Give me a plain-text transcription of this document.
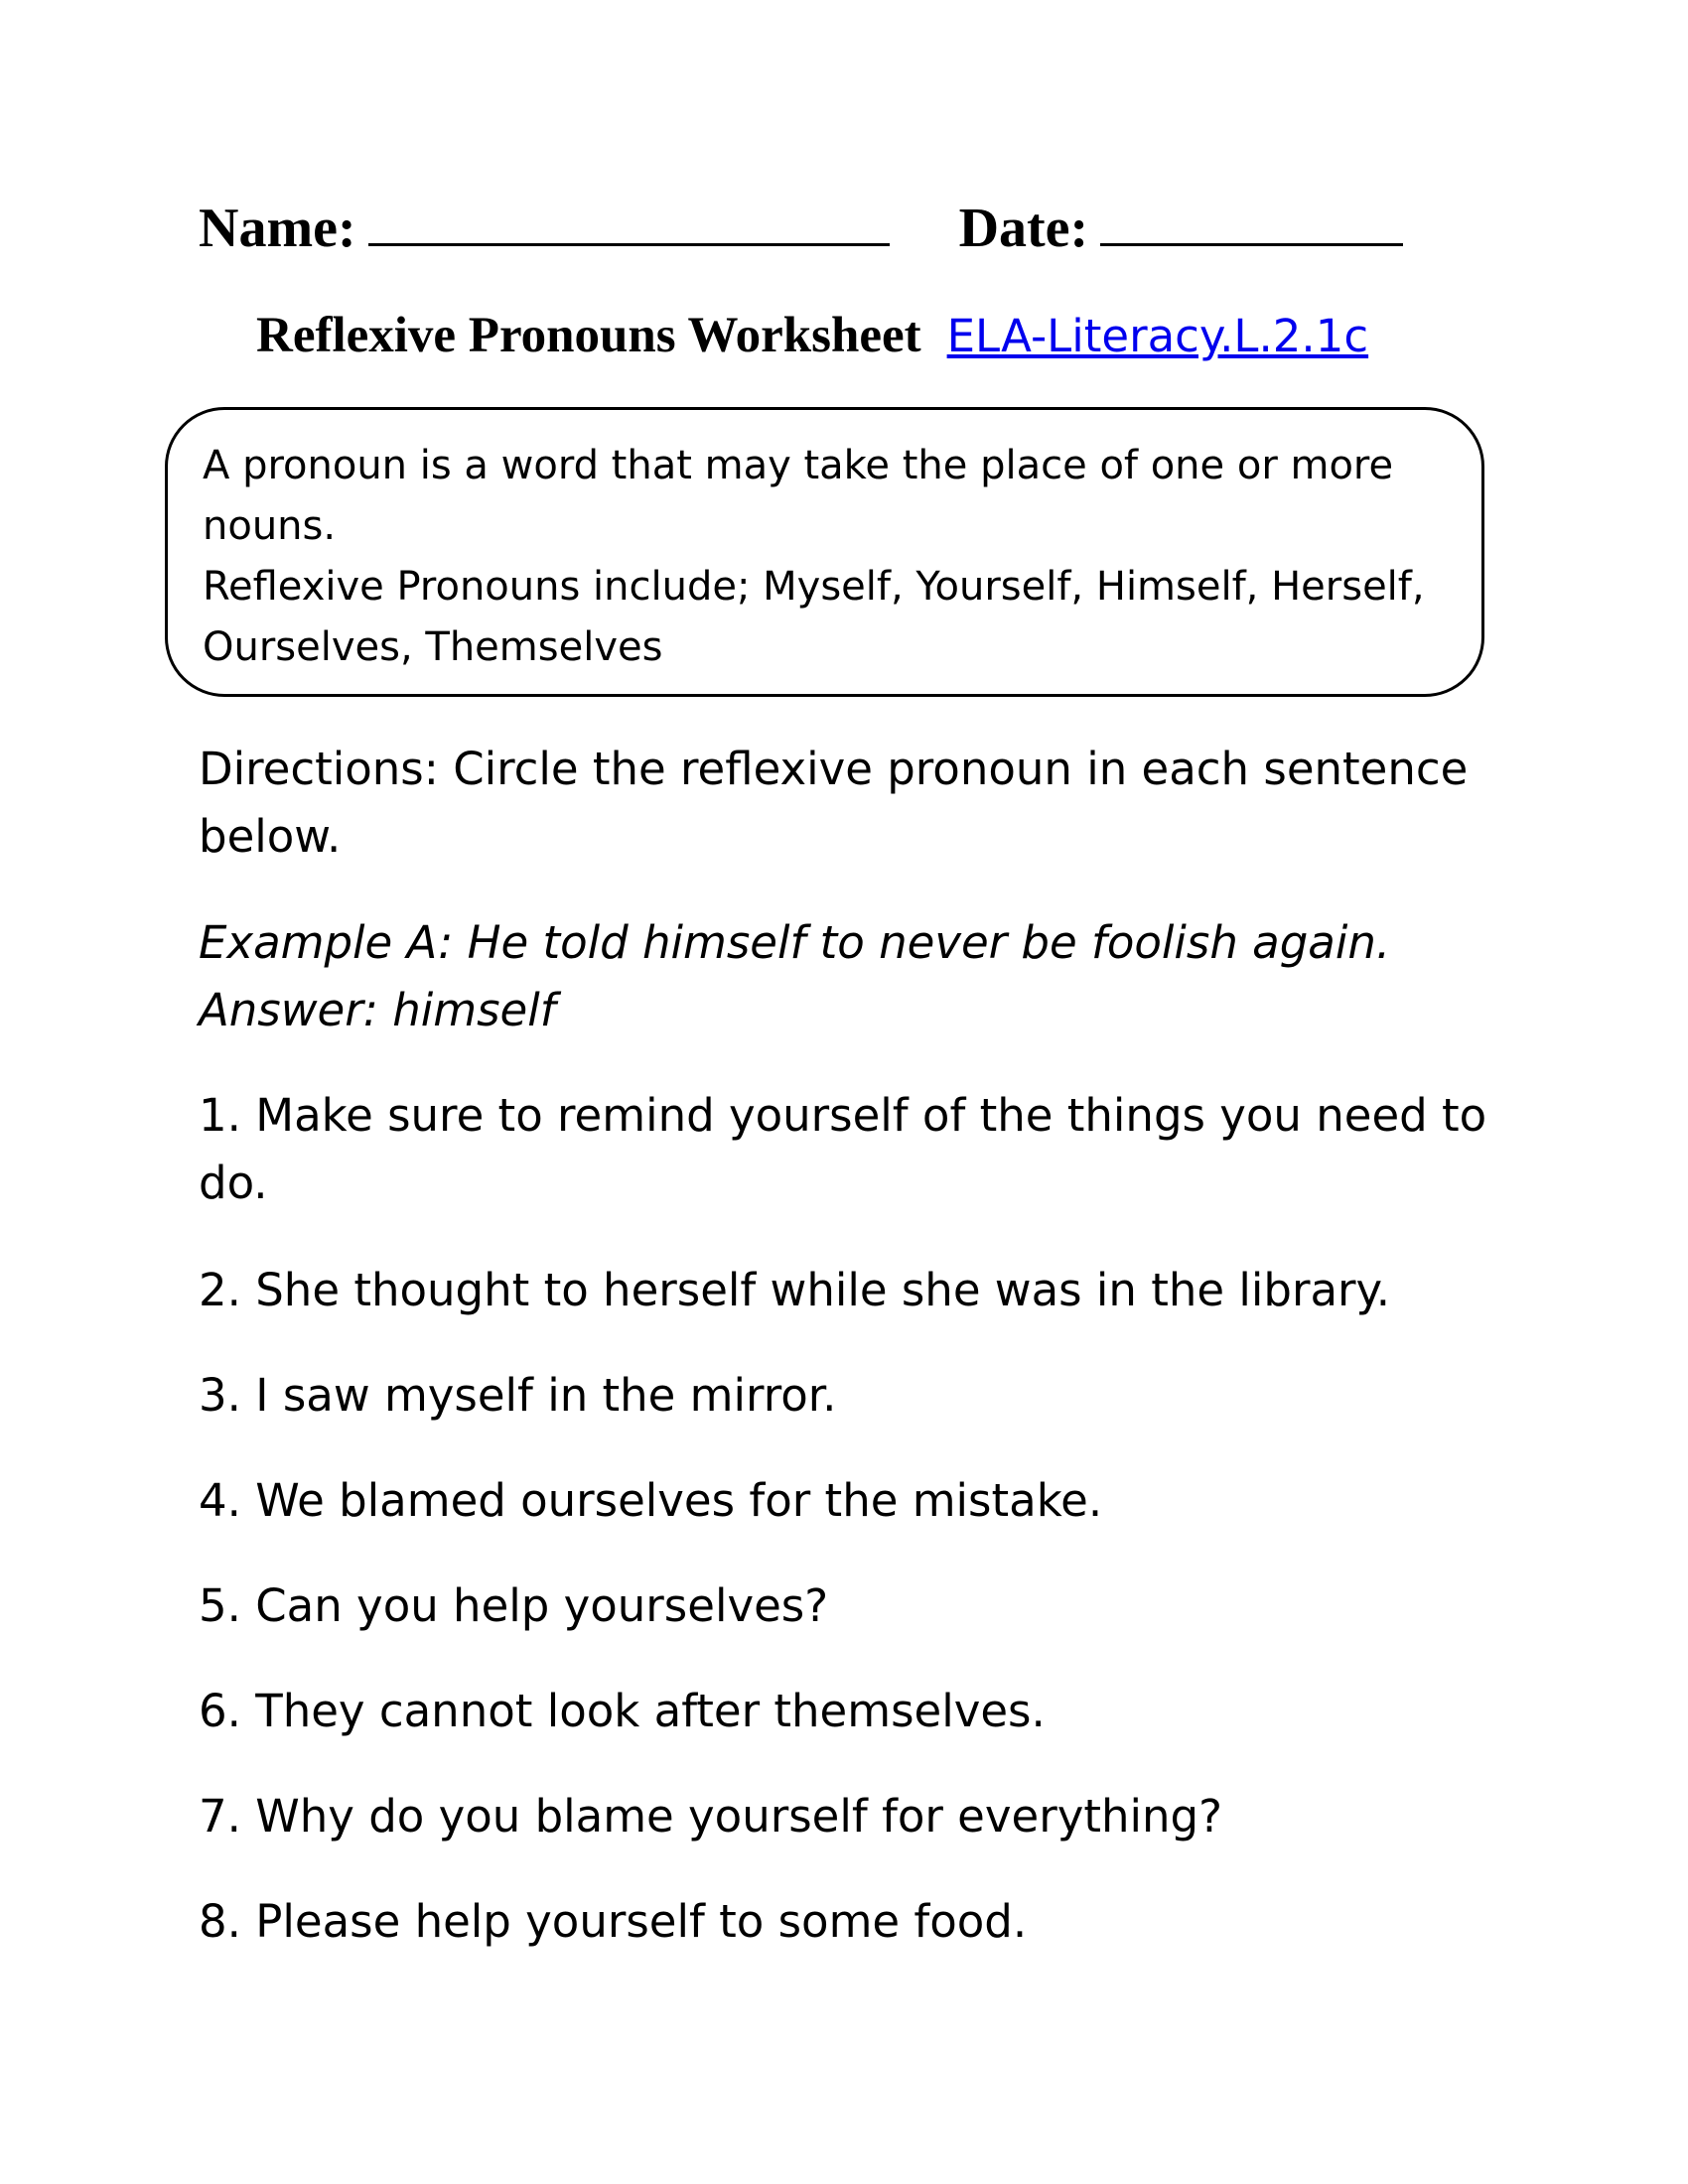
Name:	Date:
Reflexive Pronouns Worksheet ELA-Literacy.L.2.1c

A pronoun is a word that may take the place of one or more nouns.

Reflexive Pronouns include; Myself, Yourself, Himself, Herself, Ourselves, Themselves

Directions: Circle the reflexive pronoun in each sentence below.

Example A: He told himself to never be foolish again.

Answer: himself

1. Make sure to remind yourself of the things you need to do.

2. She thought to herself while she was in the library.

3. I saw myself in the mirror.

4. We blamed ourselves for the mistake.

5. Can you help yourselves?

6. They cannot look after themselves.

7. Why do you blame yourself for everything?

8. Please help yourself to some food.
